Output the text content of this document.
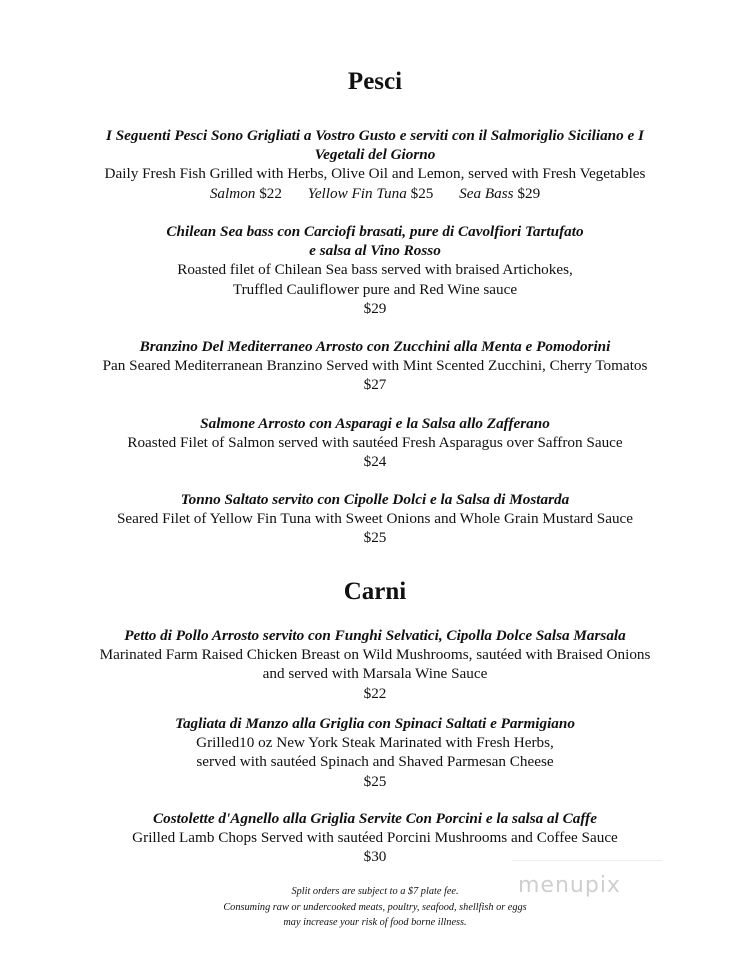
Pesci
I Seguenti Pesci Sono Grigliati a Vostro Gusto e serviti con il Salmoriglio Siciliano e I
Vegetali del Giorno
Daily Fresh Fish Grilled with Herbs, Olive Oil and Lemon, served with Fresh Vegetables
Salmon $22 Yellow Fin Tuna $25 Sea Bass $29
Chilean Sea bass con Carciofi brasati, pure di Cavolfiori Tartufato
e salsa al Vino Rosso
Roasted filet of Chilean Sea bass served with braised Artichokes,
Truffled Cauliflower pure and Red Wine sauce
$29
Branzino Del Mediterraneo Arrosto con Zucchini alla Menta e Pomodorini
Pan Seared Mediterranean Branzino Served with Mint Scented Zucchini, Cherry Tomatos
$27
Salmone Arrosto con Asparagi e la Salsa allo Zafferano
Roasted Filet of Salmon served with sautéed Fresh Asparagus over Saffron Sauce
$24
Tonno Saltato servito con Cipolle Dolci e la Salsa di Mostarda
Seared Filet of Yellow Fin Tuna with Sweet Onions and Whole Grain Mustard Sauce
$25
Carni
Petto di Pollo Arrosto servito con Funghi Selvatici, Cipolla Dolce Salsa Marsala
Marinated Farm Raised Chicken Breast on Wild Mushrooms, sautéed with Braised Onions
and served with Marsala Wine Sauce
$22
Tagliata di Manzo alla Griglia con Spinaci Saltati e Parmigiano
Grilled10 oz New York Steak Marinated with Fresh Herbs,
served with sautéed Spinach and Shaved Parmesan Cheese
$25
Costolette d'Agnello alla Griglia Servite Con Porcini e la salsa al Caffe
Grilled Lamb Chops Served with sautéed Porcini Mushrooms and Coffee Sauce
$30
Split orders are subject to a $7 plate fee.
Consuming raw or undercooked meats, poultry, seafood, shellfish or eggs
may increase your risk of food borne illness.
menupix
